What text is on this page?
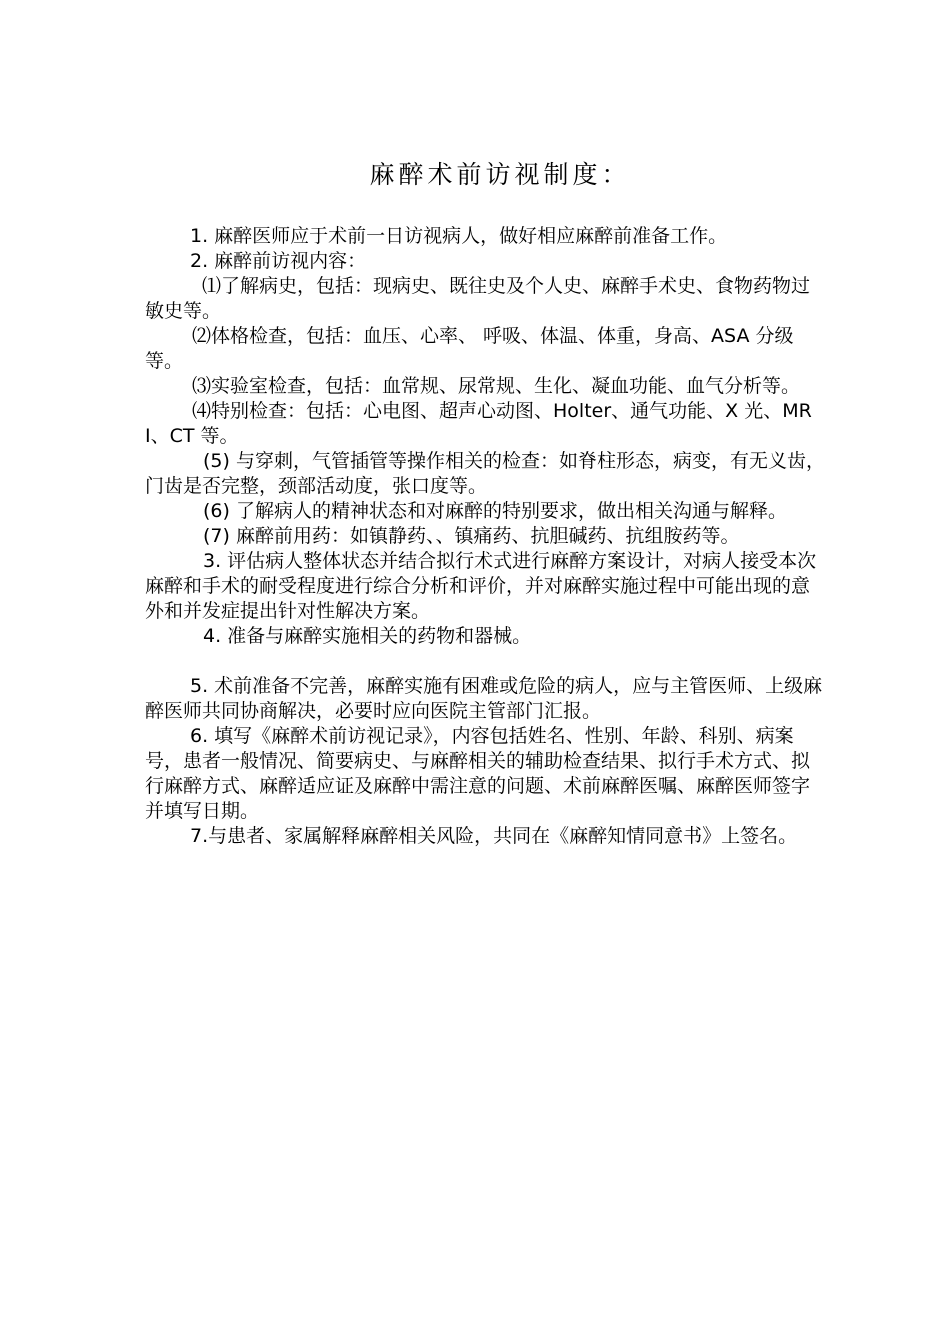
麻醉术前访视制度：

1. 麻醉医师应于术前一日访视病人，做好相应麻醉前准备工作。

2. 麻醉前访视内容：

⑴了解病史，包括：现病史、既往史及个人史、麻醉手术史、食物药物过敏史等。

⑵体格检查，包括：血压、心率、 呼吸、体温、体重，身高、ASA 分级等。

⑶实验室检查，包括：血常规、尿常规、生化、凝血功能、血气分析等。

⑷特别检查：包括：心电图、超声心动图、Holter、通气功能、X 光、MRI、CT 等。

(5) 与穿刺，气管插管等操作相关的检查：如脊柱形态，病变，有无义齿，门齿是否完整，颈部活动度，张口度等。

(6) 了解病人的精神状态和对麻醉的特别要求，做出相关沟通与解释。

(7) 麻醉前用药：如镇静药、、镇痛药、抗胆碱药、抗组胺药等。

3. 评估病人整体状态并结合拟行术式进行麻醉方案设计，对病人接受本次麻醉和手术的耐受程度进行综合分析和评价，并对麻醉实施过程中可能出现的意外和并发症提出针对性解决方案。

4. 准备与麻醉实施相关的药物和器械。

5. 术前准备不完善，麻醉实施有困难或危险的病人，应与主管医师、上级麻醉医师共同协商解决，必要时应向医院主管部门汇报。

6. 填写《麻醉术前访视记录》，内容包括姓名、性别、年龄、科别、病案号，患者一般情况、简要病史、与麻醉相关的辅助检查结果、拟行手术方式、拟行麻醉方式、麻醉适应证及麻醉中需注意的问题、术前麻醉医嘱、麻醉医师签字并填写日期。

7.与患者、家属解释麻醉相关风险，共同在《麻醉知情同意书》上签名。
